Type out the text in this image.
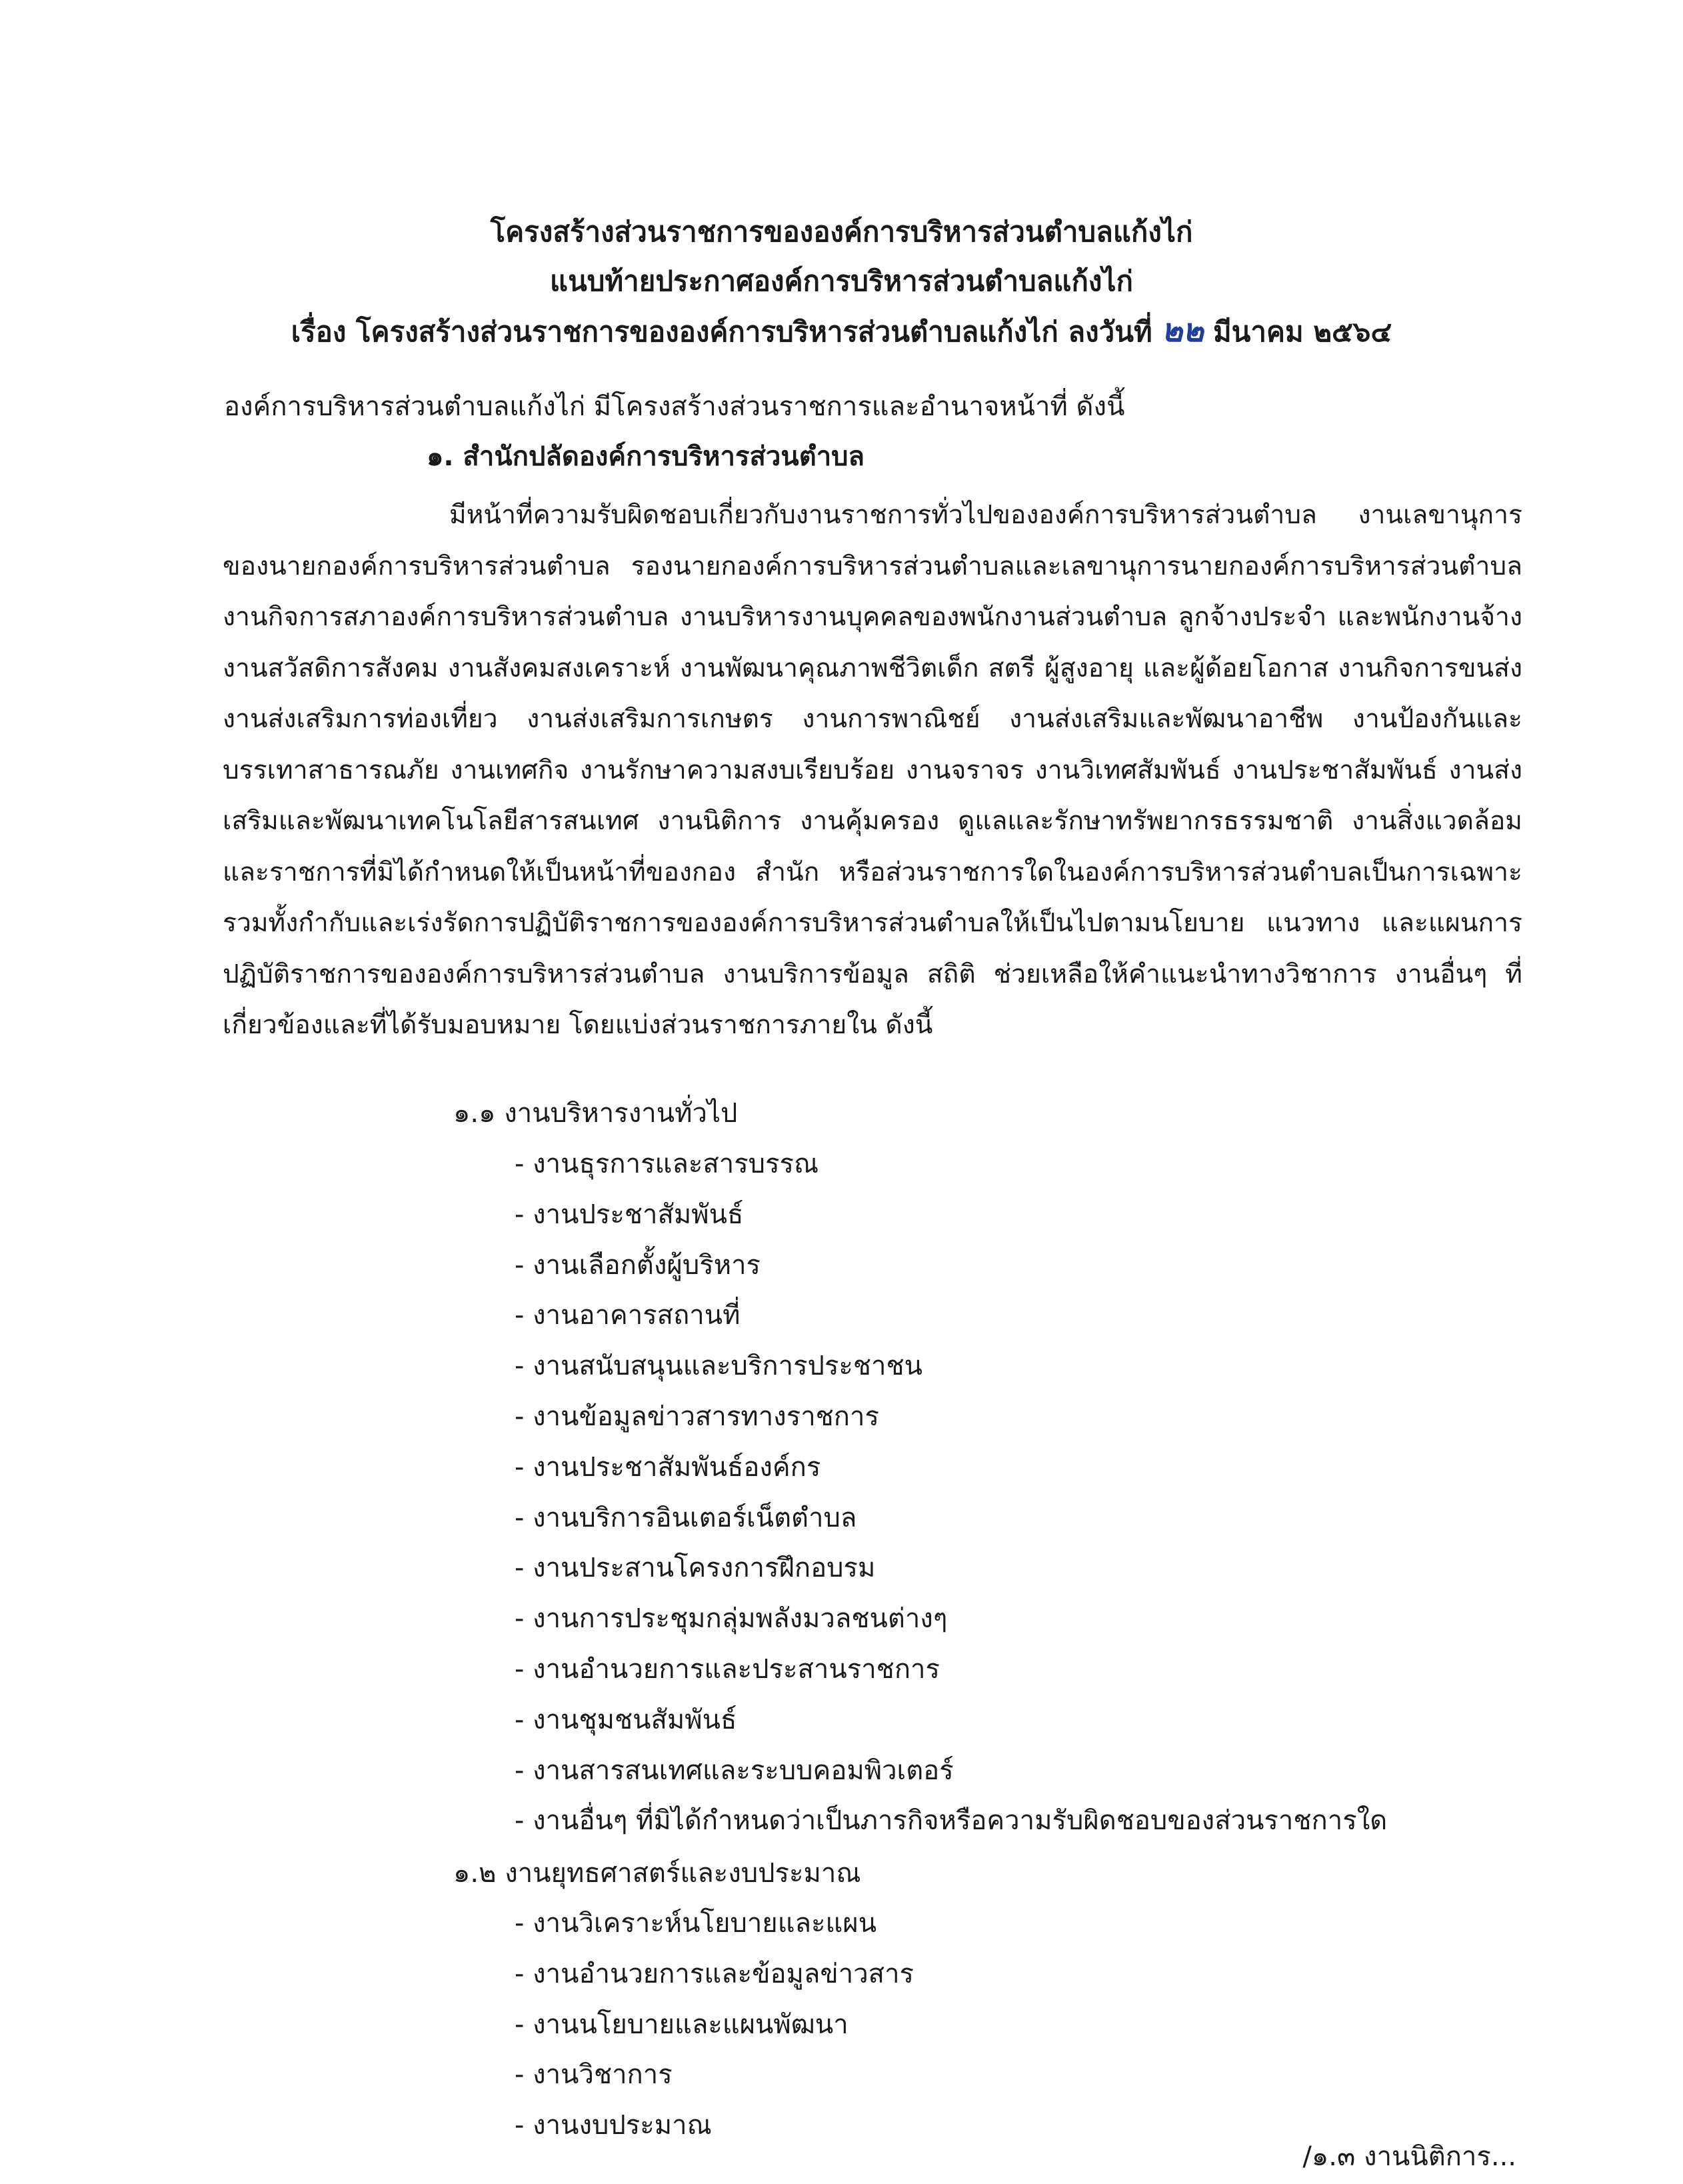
โครงสร้างส่วนราชการขององค์การบริหารส่วนตำบลแก้งไก่
แนบท้ายประกาศองค์การบริหารส่วนตำบลแก้งไก่
เรื่อง โครงสร้างส่วนราชการขององค์การบริหารส่วนตำบลแก้งไก่ ลงวันที่ ๒๒ มีนาคม ๒๕๖๔
องค์การบริหารส่วนตำบลแก้งไก่ มีโครงสร้างส่วนราชการและอำนาจหน้าที่ ดังนี้
๑. สำนักปลัดองค์การบริหารส่วนตำบล

มีหน้าที่ความรับผิดชอบเกี่ยวกับงานราชการทั่วไปขององค์การบริหารส่วนตำบล งานเลขานุการของนายกองค์การบริหารส่วนตำบล รองนายกองค์การบริหารส่วนตำบลและเลขานุการนายกองค์การบริหารส่วนตำบล งานกิจการสภาองค์การบริหารส่วนตำบล งานบริหารงานบุคคลของพนักงานส่วนตำบล ลูกจ้างประจำ และพนักงานจ้าง งานสวัสดิการสังคม งานสังคมสงเคราะห์ งานพัฒนาคุณภาพชีวิตเด็ก สตรี ผู้สูงอายุ และผู้ด้อยโอกาส งานกิจการขนส่ง งานส่งเสริมการท่องเที่ยว งานส่งเสริมการเกษตร งานการพาณิชย์ งานส่งเสริมและพัฒนาอาชีพ งานป้องกันและบรรเทาสาธารณภัย งานเทศกิจ งานรักษาความสงบเรียบร้อย งานจราจร งานวิเทศสัมพันธ์ งานประชาสัมพันธ์ งานส่งเสริมและพัฒนาเทคโนโลยีสารสนเทศ งานนิติการ งานคุ้มครอง ดูแลและรักษาทรัพยากรธรรมชาติ งานสิ่งแวดล้อม และราชการที่มิได้กำหนดให้เป็นหน้าที่ของกอง สำนัก หรือส่วนราชการใดในองค์การบริหารส่วนตำบลเป็นการเฉพาะ รวมทั้งกำกับและเร่งรัดการปฏิบัติราชการขององค์การบริหารส่วนตำบลให้เป็นไปตามนโยบาย แนวทาง และแผนการปฏิบัติราชการขององค์การบริหารส่วนตำบล งานบริการข้อมูล สถิติ ช่วยเหลือให้คำแนะนำทางวิชาการ งานอื่นๆ ที่เกี่ยวข้องและที่ได้รับมอบหมาย โดยแบ่งส่วนราชการภายใน ดังนี้

๑.๑ งานบริหารงานทั่วไป
- งานธุรการและสารบรรณ
- งานประชาสัมพันธ์
- งานเลือกตั้งผู้บริหาร
- งานอาคารสถานที่
- งานสนับสนุนและบริการประชาชน
- งานข้อมูลข่าวสารทางราชการ
- งานประชาสัมพันธ์องค์กร
- งานบริการอินเตอร์เน็ตตำบล
- งานประสานโครงการฝึกอบรม
- งานการประชุมกลุ่มพลังมวลชนต่างๆ
- งานอำนวยการและประสานราชการ
- งานชุมชนสัมพันธ์
- งานสารสนเทศและระบบคอมพิวเตอร์
- งานอื่นๆ ที่มิได้กำหนดว่าเป็นภารกิจหรือความรับผิดชอบของส่วนราชการใด
๑.๒ งานยุทธศาสตร์และงบประมาณ
- งานวิเคราะห์นโยบายและแผน
- งานอำนวยการและข้อมูลข่าวสาร
- งานนโยบายและแผนพัฒนา
- งานวิชาการ
- งานงบประมาณ
/๑.๓ งานนิติการ...
